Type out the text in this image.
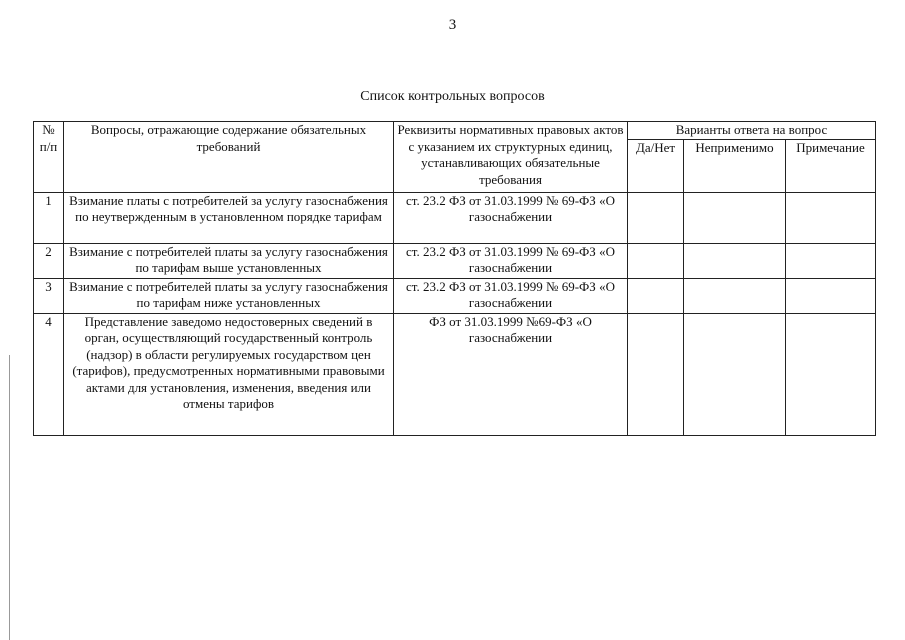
3
Список контрольных вопросов
№ п/п	Вопросы, отражающие содержание обязательных требований	Реквизиты нормативных правовых актов с указанием их структурных единиц, устанавливающих обязательные требования	Варианты ответа на вопрос		
			Да/Нет	Неприменимо	Примечание
1	Взимание платы с потребителей за услугу газоснабжения по неутвержденным в установленном порядке тарифам	ст. 23.2 ФЗ от 31.03.1999 № 69-ФЗ «О газоснабжении			
2	Взимание с потребителей платы за услугу газоснабжения по тарифам выше установленных	ст. 23.2 ФЗ от 31.03.1999 № 69-ФЗ «О газоснабжении			
3	Взимание с потребителей платы за услугу газоснабжения по тарифам ниже установленных	ст. 23.2 ФЗ от 31.03.1999 № 69-ФЗ «О газоснабжении			
4	Представление заведомо недостоверных сведений в орган, осуществляющий государственный контроль (надзор) в области регулируемых государством цен (тарифов), предусмотренных нормативными правовыми актами для установления, изменения, введения или отмены тарифов	ФЗ от 31.03.1999 №69-ФЗ «О газоснабжении			
